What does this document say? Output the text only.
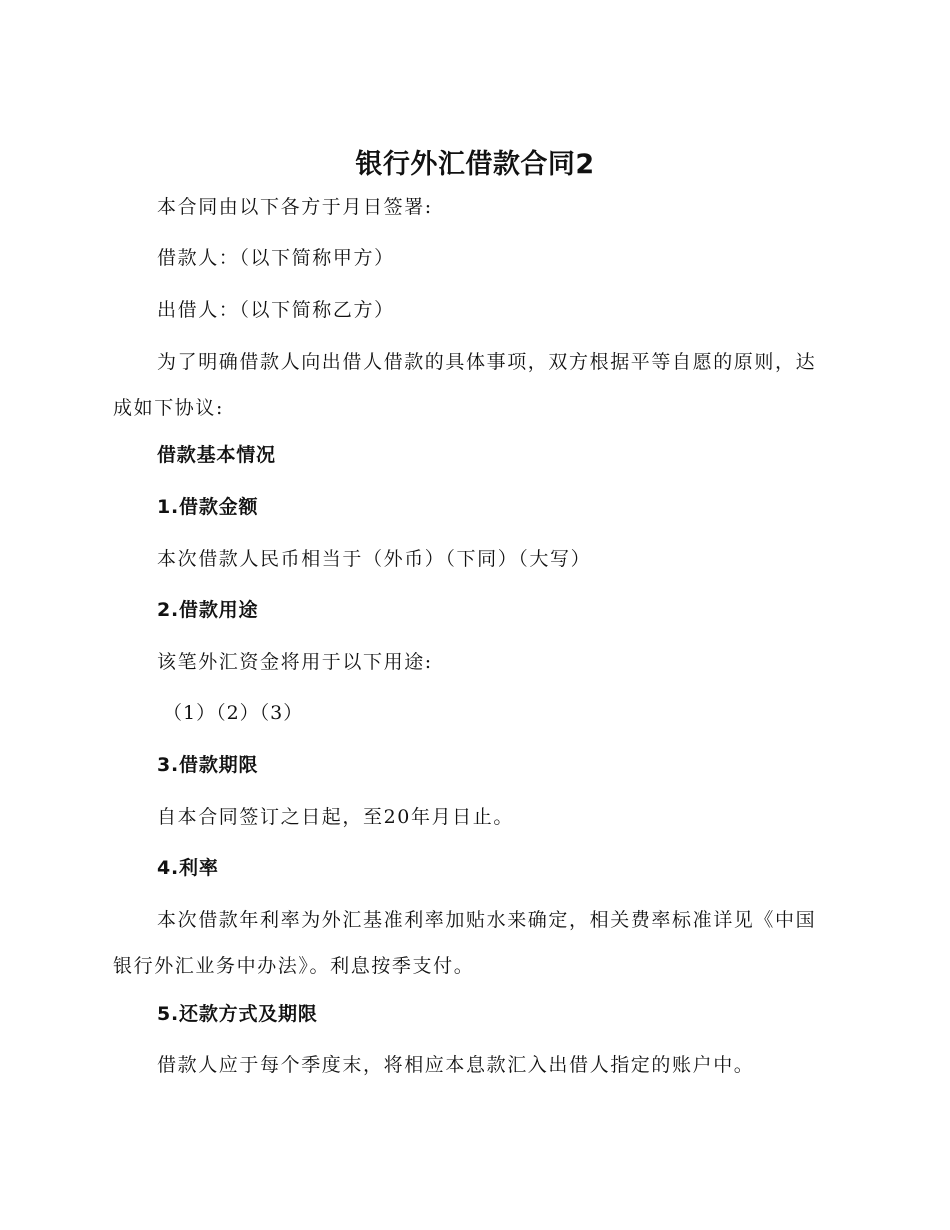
银行外汇借款合同2
本合同由以下各方于月日签署:
借款人：（以下简称甲方）
出借人：（以下简称乙方）
为了明确借款人向出借人借款的具体事项，双方根据平等自愿的原则，达成如下协议:
借款基本情况
1.借款金额
本次借款人民币相当于（外币）（下同）（大写）
2.借款用途
该笔外汇资金将用于以下用途:
（1）（2）（3）
3.借款期限
自本合同签订之日起，至20年月日止。
4.利率
本次借款年利率为外汇基准利率加贴水来确定，相关费率标准详见《中国银行外汇业务中办法》。利息按季支付。
5.还款方式及期限
借款人应于每个季度末，将相应本息款汇入出借人指定的账户中。
